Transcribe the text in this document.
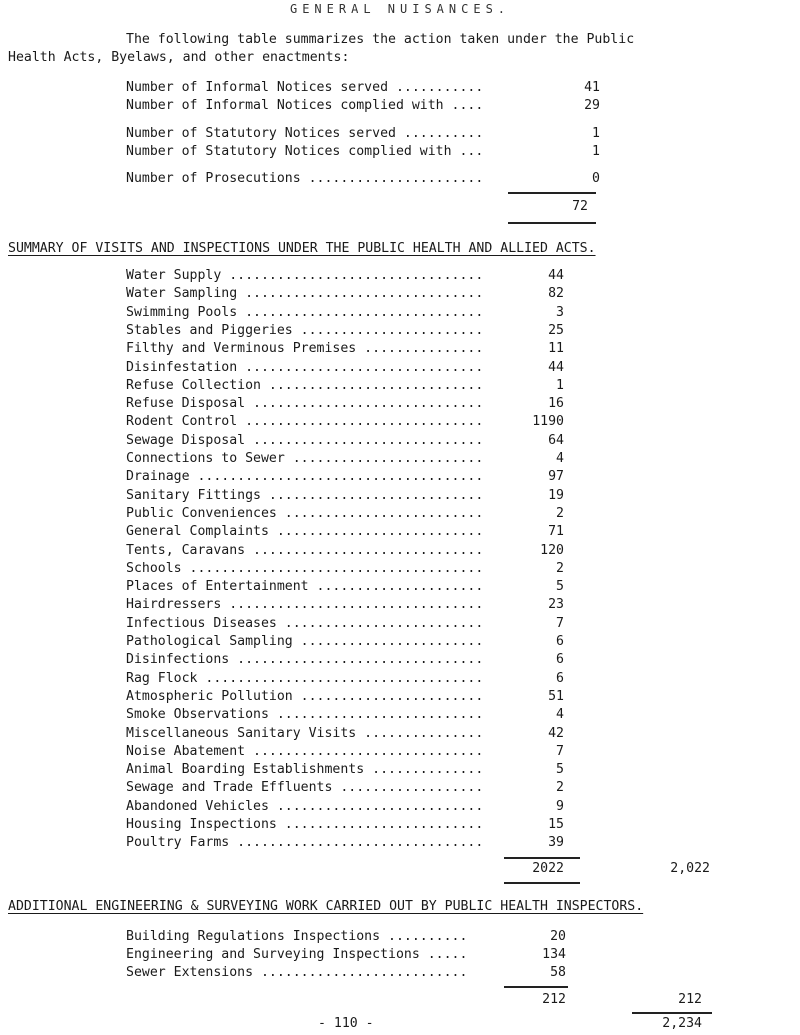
GENERAL NUISANCES.
The following table summarizes the action taken under the Public
Health Acts, Byelaws, and other enactments:
Number of Informal Notices served ...........	41
Number of Informal Notices complied with ....	29
Number of Statutory Notices served ..........	1
Number of Statutory Notices complied with ...	1
Number of Prosecutions ......................	0
72
SUMMARY OF VISITS AND INSPECTIONS UNDER THE PUBLIC HEALTH AND ALLIED ACTS.
Water Supply ................................	44
Water Sampling ..............................	82
Swimming Pools ..............................	3
Stables and Piggeries .......................	25
Filthy and Verminous Premises ...............	11
Disinfestation ..............................	44
Refuse Collection ...........................	1
Refuse Disposal .............................	16
Rodent Control ..............................	1190
Sewage Disposal .............................	64
Connections to Sewer ........................	4
Drainage ....................................	97
Sanitary Fittings ...........................	19
Public Conveniences .........................	2
General Complaints ..........................	71
Tents, Caravans .............................	120
Schools .....................................	2
Places of Entertainment .....................	5
Hairdressers ................................	23
Infectious Diseases .........................	7
Pathological Sampling .......................	6
Disinfections ...............................	6
Rag Flock ...................................	6
Atmospheric Pollution .......................	51
Smoke Observations ..........................	4
Miscellaneous Sanitary Visits ...............	42
Noise Abatement .............................	7
Animal Boarding Establishments ..............	5
Sewage and Trade Effluents ..................	2
Abandoned Vehicles ..........................	9
Housing Inspections .........................	15
Poultry Farms ...............................	39
2022	2,022
ADDITIONAL ENGINEERING & SURVEYING WORK CARRIED OUT BY PUBLIC HEALTH INSPECTORS.
Building Regulations Inspections ..........	20
Engineering and Surveying Inspections .....	134
Sewer Extensions ..........................	58
212	212
2,234
- 110 -
